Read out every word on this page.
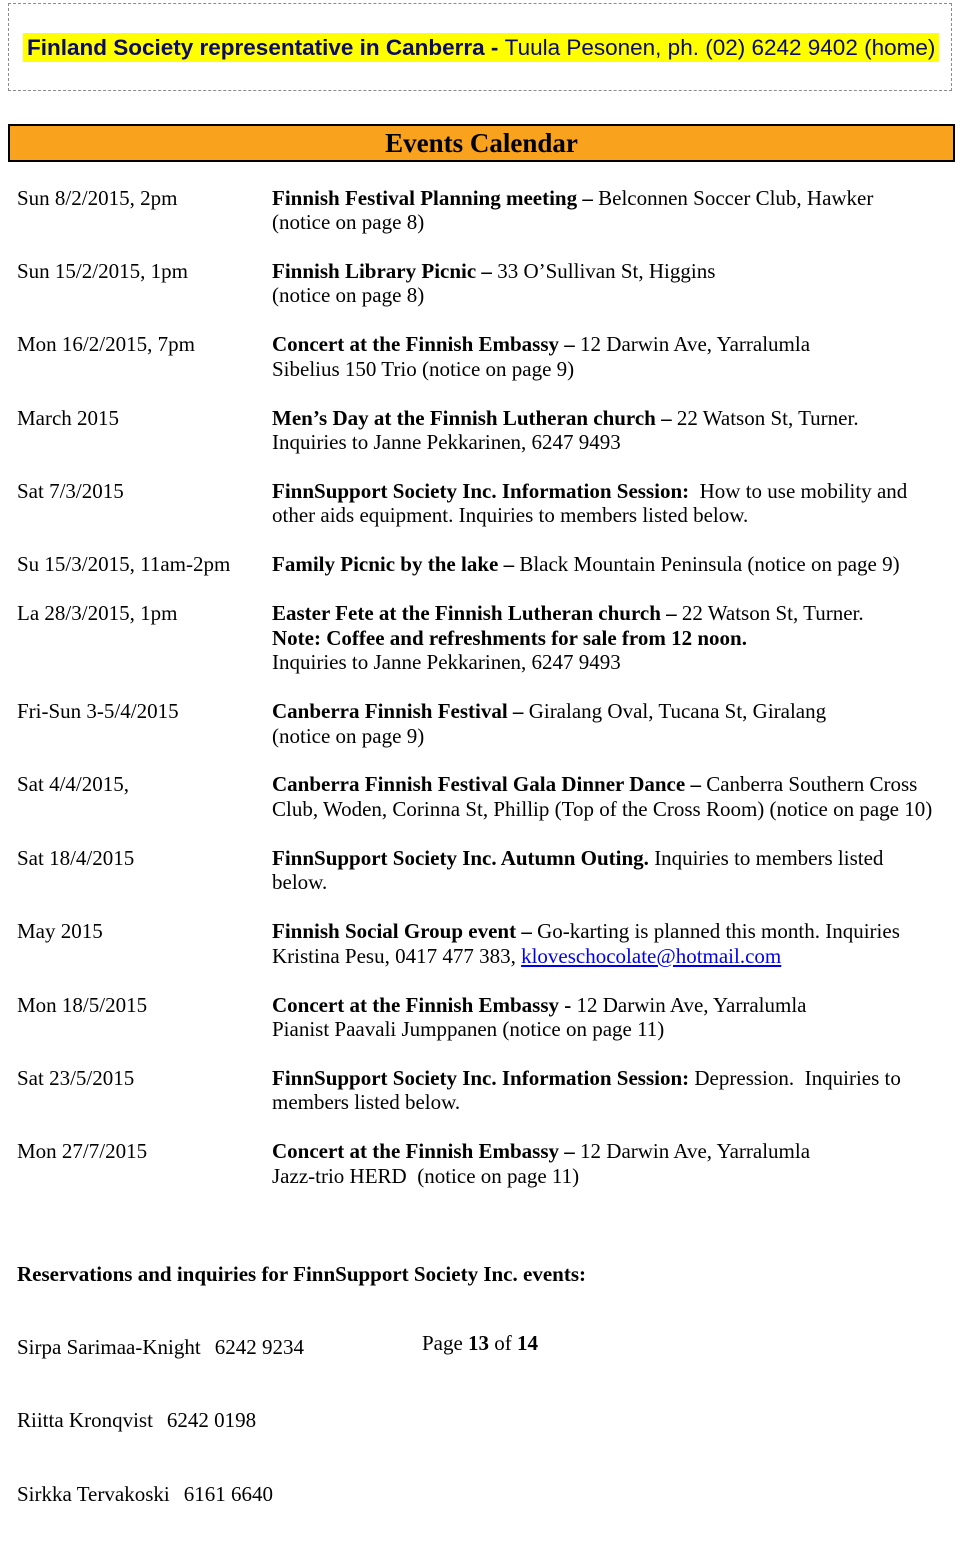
Finland Society representative in Canberra - Tuula Pesonen, ph. (02) 6242 9402 (home)
Events Calendar
Sun 8/2/2015, 2pm	Finnish Festival Planning meeting – Belconnen Soccer Club, Hawker
(notice on page 8)
Sun 15/2/2015, 1pm	Finnish Library Picnic – 33 O’Sullivan St, Higgins
(notice on page 8)
Mon 16/2/2015, 7pm	Concert at the Finnish Embassy – 12 Darwin Ave, Yarralumla
Sibelius 150 Trio (notice on page 9)
March 2015	Men’s Day at the Finnish Lutheran church – 22 Watson St, Turner.
Inquiries to Janne Pekkarinen, 6247 9493
Sat 7/3/2015	FinnSupport Society Inc. Information Session:  How to use mobility and
other aids equipment. Inquiries to members listed below.
Su 15/3/2015, 11am-2pm	Family Picnic by the lake – Black Mountain Peninsula (notice on page 9)
La 28/3/2015, 1pm	Easter Fete at the Finnish Lutheran church – 22 Watson St, Turner.
Note: Coffee and refreshments for sale from 12 noon.
Inquiries to Janne Pekkarinen, 6247 9493
Fri-Sun 3-5/4/2015	Canberra Finnish Festival – Giralang Oval, Tucana St, Giralang
(notice on page 9)
Sat 4/4/2015,	Canberra Finnish Festival Gala Dinner Dance – Canberra Southern Cross
Club, Woden, Corinna St, Phillip (Top of the Cross Room) (notice on page 10)
Sat 18/4/2015	FinnSupport Society Inc. Autumn Outing. Inquiries to members listed
below.
May 2015	Finnish Social Group event – Go-karting is planned this month. Inquiries
Kristina Pesu, 0417 477 383, kloveschocolate@hotmail.com
Mon 18/5/2015	Concert at the Finnish Embassy - 12 Darwin Ave, Yarralumla
Pianist Paavali Jumppanen (notice on page 11)
Sat 23/5/2015	FinnSupport Society Inc. Information Session: Depression.  Inquiries to
members listed below.
Mon 27/7/2015	Concert at the Finnish Embassy – 12 Darwin Ave, Yarralumla
Jazz-trio HERD  (notice on page 11)

Reservations and inquiries for FinnSupport Society Inc. events:

Sirpa Sarimaa-Knight 6242 9234

Riitta Kronqvist 6242 0198

Sirkka Tervakoski 6161 6640

Page 13 of 14
